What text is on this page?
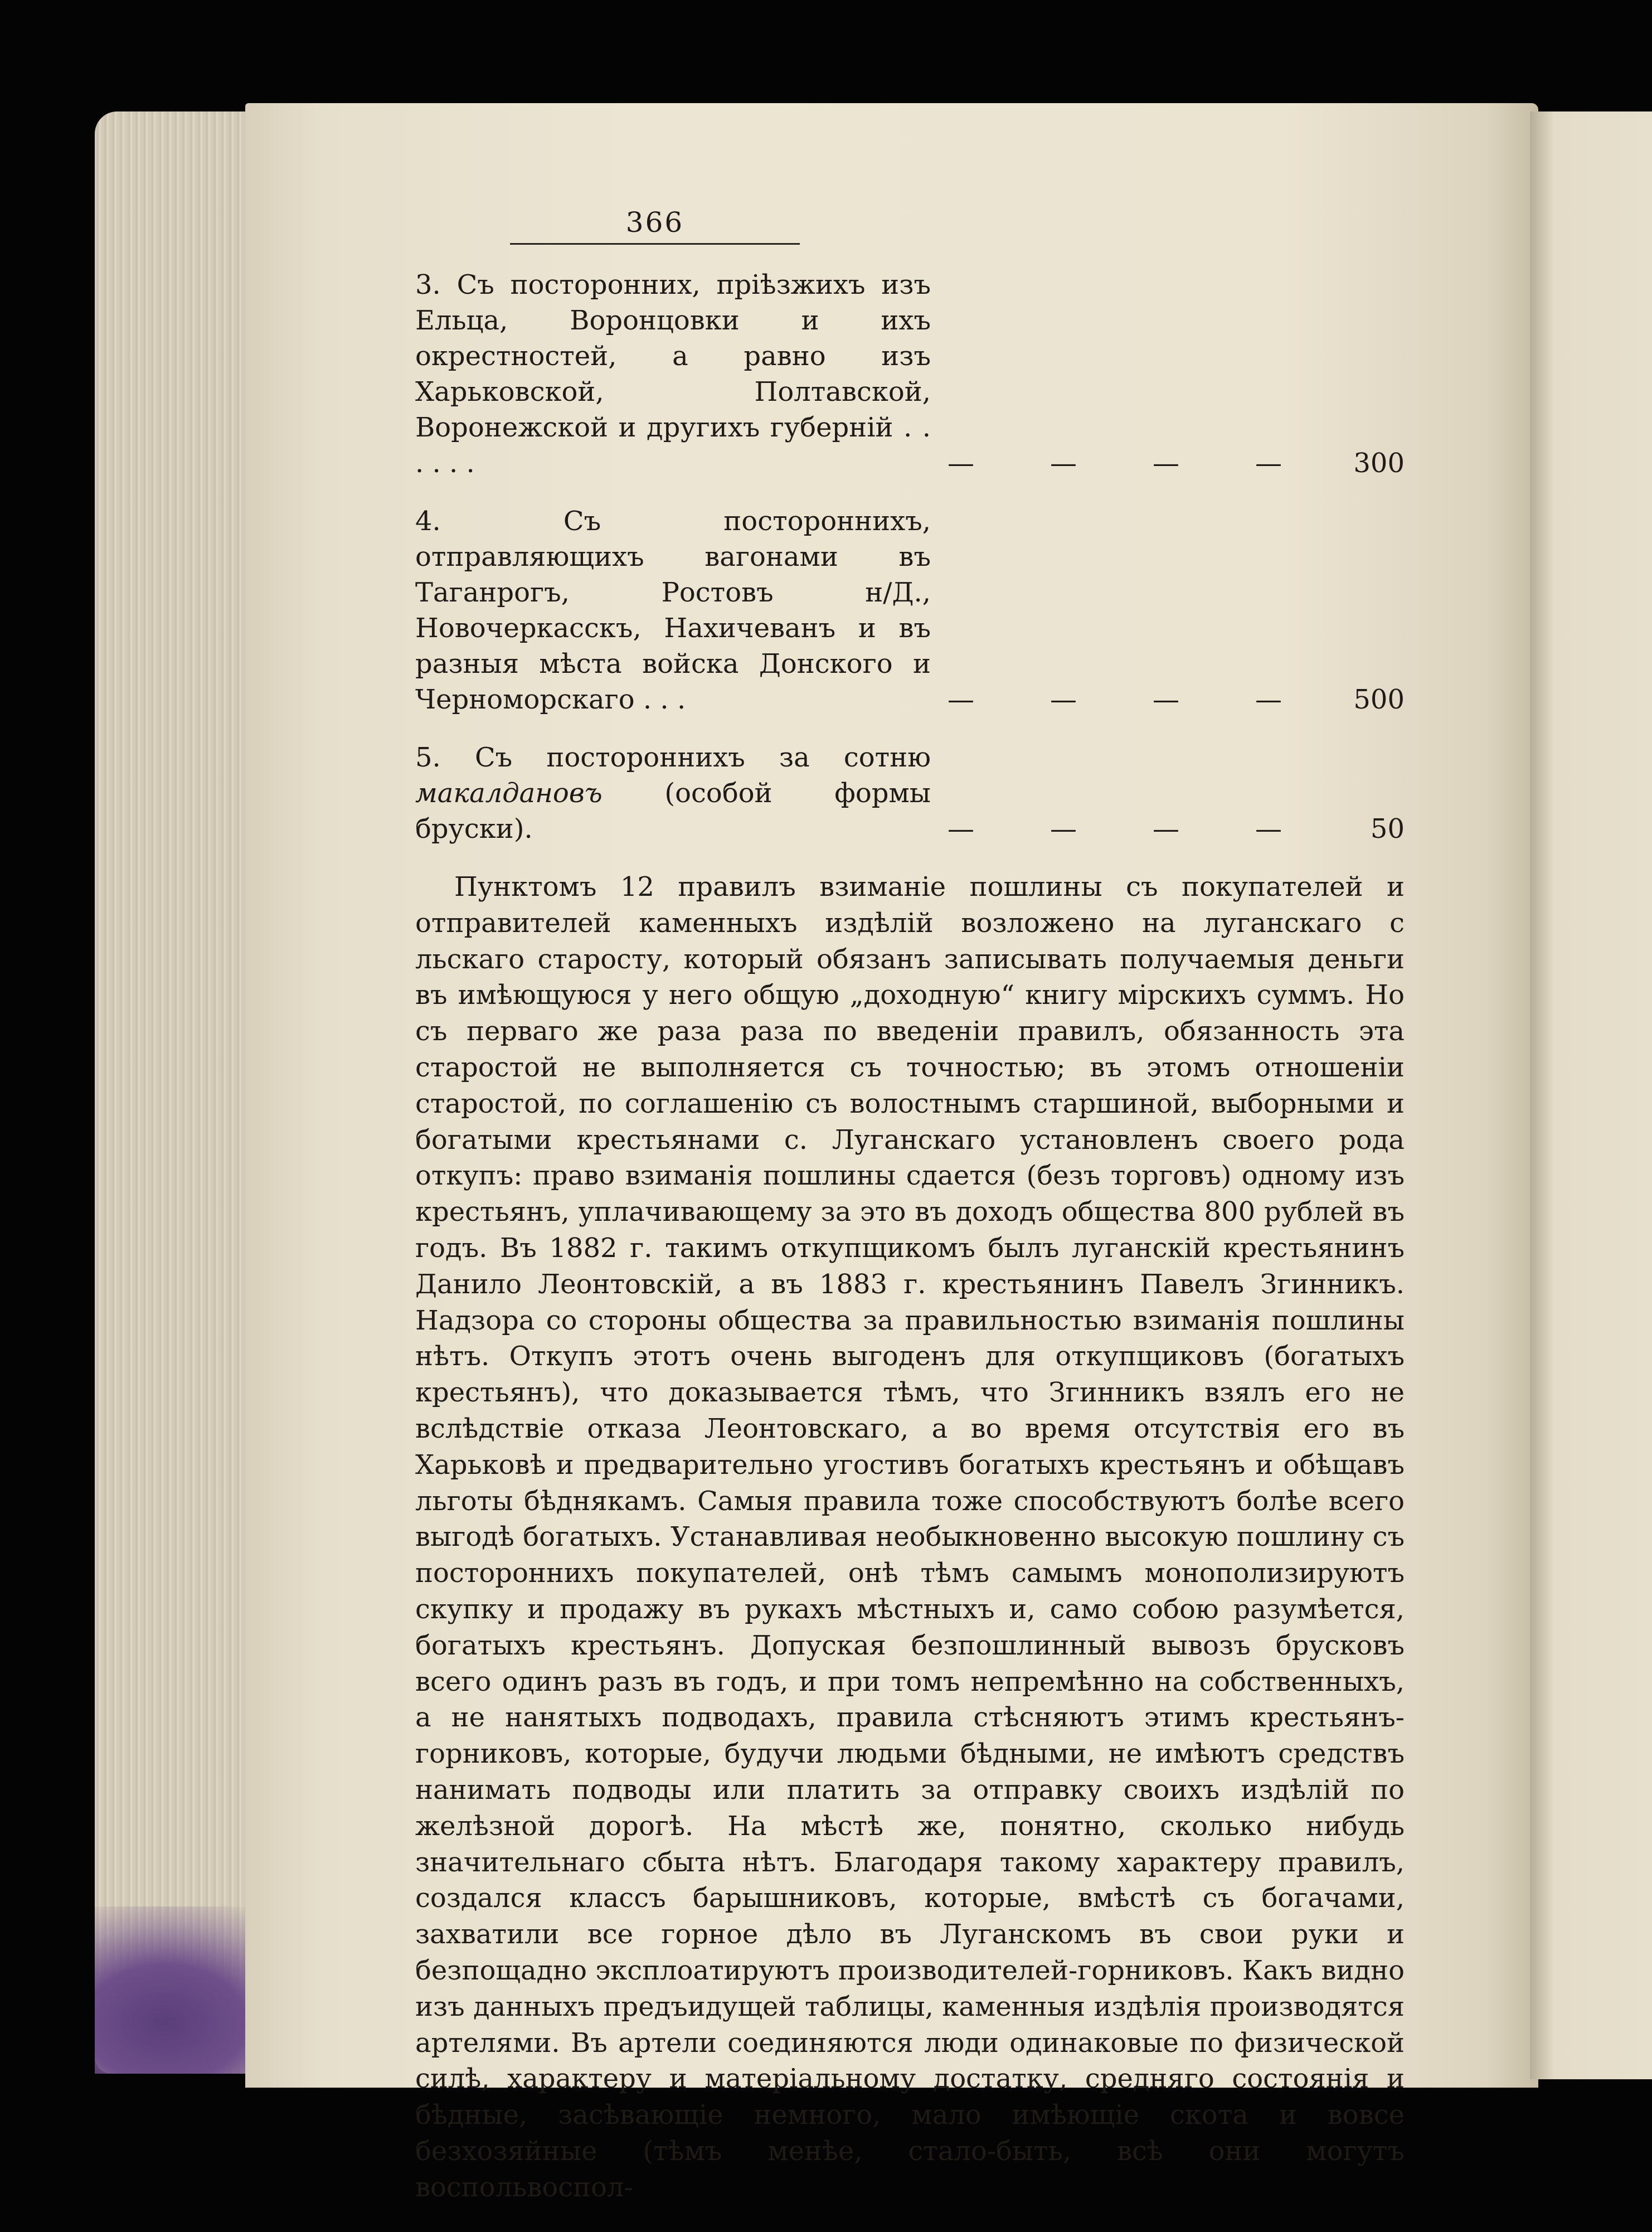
366
3. Съ посторонних, пріѣзжихъ изъ Ельца, Воронцовки и ихъ окрестностей, а равно изъ Харьковской, Полтавской, Воронежской и другихъ губерній . . . . . .	—	—	—	—	300
4. Съ постороннихъ, отправляющихъ вагонами въ Таганрогъ, Ростовъ н/Д., Новочеркасскъ, Нахичеванъ и въ разныя мѣста войска Донского и Черноморскаго . . .	—	—	—	—	500
5. Съ постороннихъ за сотню макалдановъ (особой формы бруски).	—	—	—	—	50

Пунктомъ 12 правилъ взиманіе пошлины съ покупателей и отправителей каменныхъ издѣлій возложено на луганскаго с льскаго старосту, который обязанъ записывать получаемыя деньги въ имѣющуюся у него общую „доходную“ книгу мірскихъ суммъ. Но съ перваго же раза раза по введеніи правилъ, обязанность эта старостой не выполняется съ точностью; въ этомъ отношеніи старостой, по соглашенію съ волостнымъ старшиной, выборными и богатыми крестьянами с. Луганскаго установленъ своего рода откупъ: право взиманія пошлины сдается (безъ торговъ) одному изъ крестьянъ, уплачивающему за это въ доходъ общества 800 рублей въ годъ. Въ 1882 г. такимъ откупщикомъ былъ луганскій крестьянинъ Данило Леонтовскій, а въ 1883 г. крестьянинъ Павелъ Згинникъ. Надзора со стороны общества за правильностью взиманія пошлины нѣтъ. Откупъ этотъ очень выгоденъ для откупщиковъ (богатыхъ крестьянъ), что доказывается тѣмъ, что Згинникъ взялъ его не вслѣдствіе отказа Леонтовскаго, а во время отсутствія его въ Харьковѣ и предварительно угостивъ богатыхъ крестьянъ и обѣщавъ льготы бѣднякамъ. Самыя правила тоже способствуютъ болѣе всего выгодѣ богатыхъ. Устанавливая необыкновенно высокую пошлину съ постороннихъ покупателей, онѣ тѣмъ самымъ монополизируютъ скупку и продажу въ рукахъ мѣстныхъ и, само собою разумѣется, богатыхъ крестьянъ. Допуская безпошлинный вывозъ брусковъ всего одинъ разъ въ годъ, и при томъ непремѣнно на собственныхъ, а не нанятыхъ подводахъ, правила стѣсняютъ этимъ крестьянъ-горниковъ, которые, будучи людьми бѣдными, не имѣютъ средствъ нанимать подводы или платить за отправку своихъ издѣлій по желѣзной дорогѣ. На мѣстѣ же, понятно, сколько нибудь значительнаго сбыта нѣтъ. Благодаря такому характеру правилъ, создался классъ барышниковъ, которые, вмѣстѣ съ богачами, захватили все горное дѣло въ Луганскомъ въ свои руки и безпощадно эксплоатируютъ производителей-горниковъ. Какъ видно изъ данныхъ предъидущей таблицы, каменныя издѣлія производятся артелями. Въ артели соединяются люди одинаковые по физической силѣ, характеру и матеріальному достатку, средняго состоянія и бѣдные, засѣвающіе немного, мало имѣющіе скота и вовсе безхозяйные (тѣмъ менѣе, стало-быть, всѣ они могутъ воспольвоспол-
